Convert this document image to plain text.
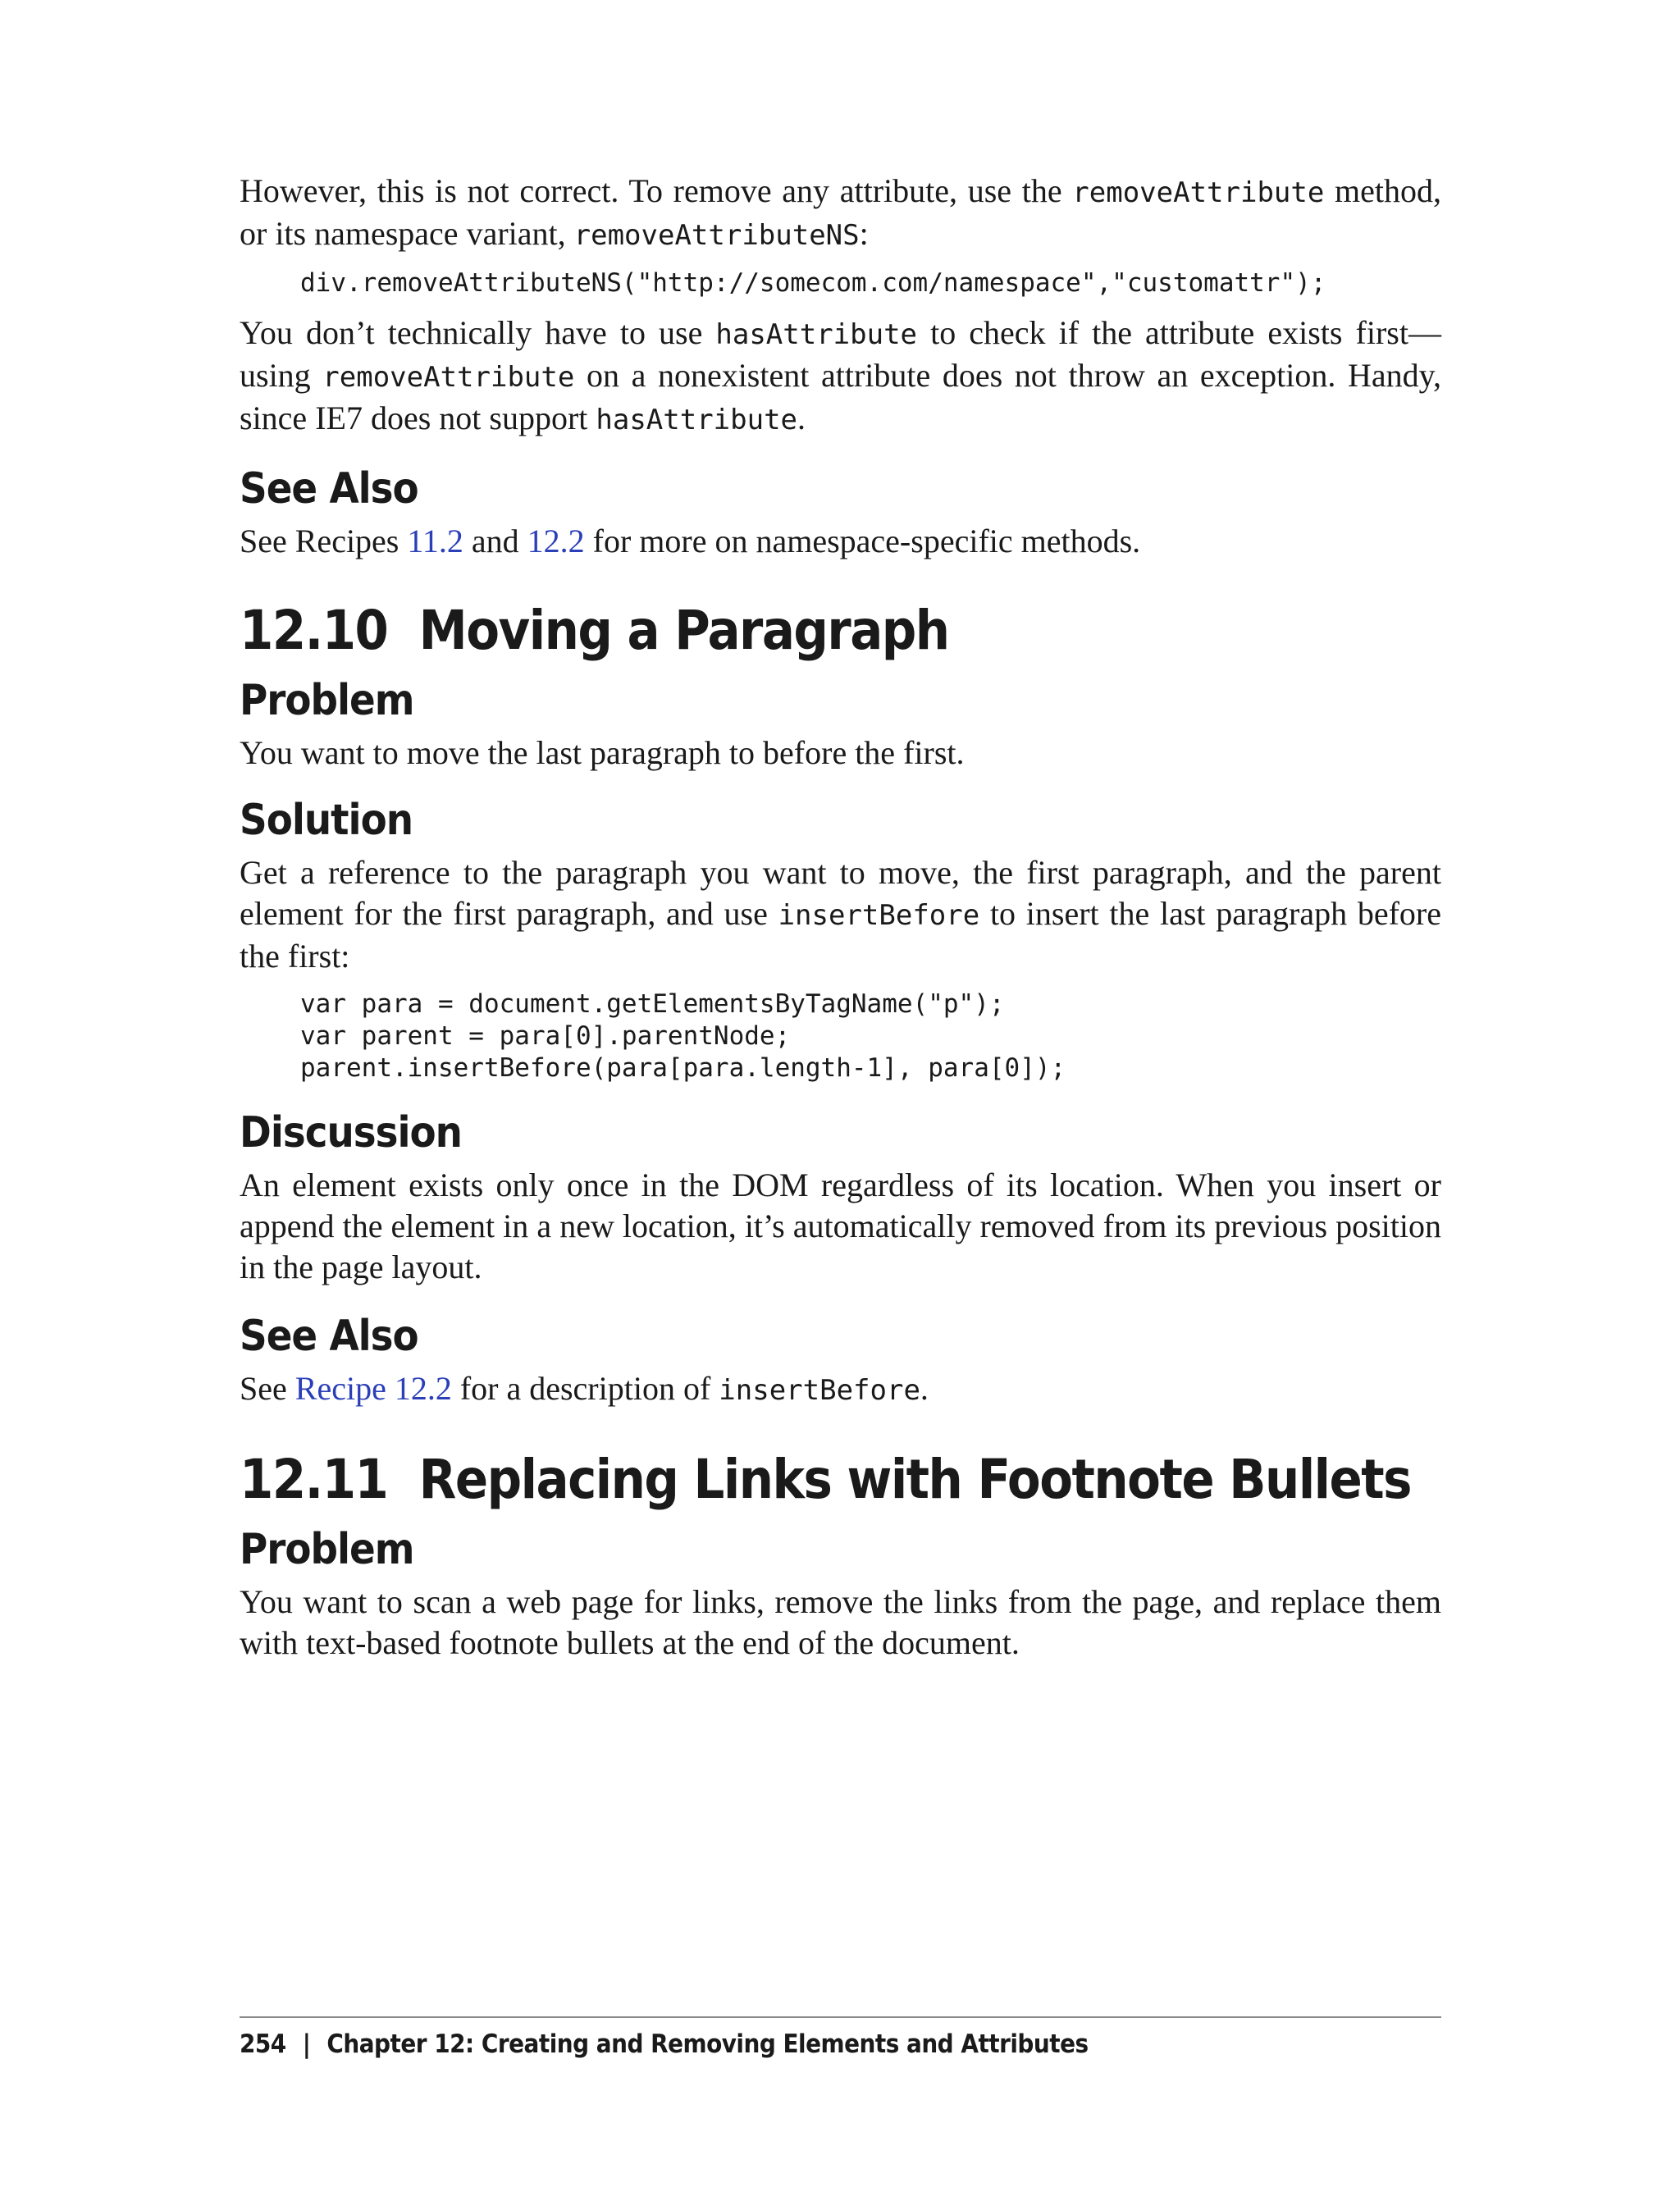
However, this is not correct. To remove any attribute, use the removeAttribute method, or its namespace variant, removeAttributeNS:

div.removeAttributeNS("http://somecom.com/namespace","customattr");

You don’t technically have to use hasAttribute to check if the attribute exists first—using removeAttribute on a nonexistent attribute does not throw an exception. Handy, since IE7 does not support hasAttribute.

See Also

See Recipes 11.2 and 12.2 for more on namespace-specific methods.

12.10 Moving a Paragraph
Problem

You want to move the last paragraph to before the first.

Solution

Get a reference to the paragraph you want to move, the first paragraph, and the parent element for the first paragraph, and use insertBefore to insert the last paragraph before the first:

var para = document.getElementsByTagName("p");
var parent = para[0].parentNode;
parent.insertBefore(para[para.length-1], para[0]);
Discussion

An element exists only once in the DOM regardless of its location. When you insert or append the element in a new location, it’s automatically removed from its previous position in the page layout.

See Also

See Recipe 12.2 for a description of insertBefore.

12.11 Replacing Links with Footnote Bullets
Problem

You want to scan a web page for links, remove the links from the page, and replace them with text-based footnote bullets at the end of the document.

254 | Chapter 12: Creating and Removing Elements and Attributes
